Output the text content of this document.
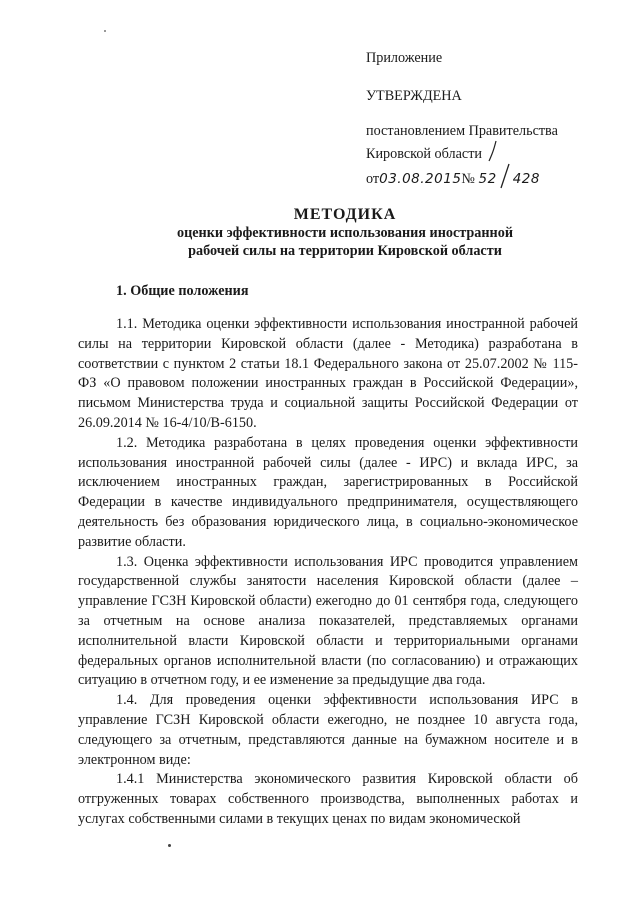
Приложение

УТВЕРЖДЕНА

постановлением Правительства

Кировской области

от03.08.2015№ 52 428

МЕТОДИКА

оценки эффективности использования иностранной

рабочей силы на территории Кировской области

1. Общие положения

1.1. Методика оценки эффективности использования иностранной рабочей силы на территории Кировской области (далее - Методика) разработана в соответствии с пунктом 2 статьи 18.1 Федерального закона от 25.07.2002 № 115-ФЗ «О правовом положении иностранных граждан в Российской Федерации», письмом Министерства труда и социальной защиты Российской Федерации от 26.09.2014 № 16-4/10/В-6150.

1.2. Методика разработана в целях проведения оценки эффективности использования иностранной рабочей силы (далее - ИРС) и вклада ИРС, за исключением иностранных граждан, зарегистрированных в Российской Федерации в качестве индивидуального предпринимателя, осуществляющего деятельность без образования юридического лица, в социально-экономическое развитие области.

1.3. Оценка эффективности использования ИРС проводится управлением государственной службы занятости населения Кировской области (далее – управление ГСЗН Кировской области) ежегодно до 01 сентября года, следующего за отчетным на основе анализа показателей, представляемых органами исполнительной власти Кировской области и территориальными органами федеральных органов исполнительной власти (по согласованию) и отражающих ситуацию в отчетном году, и ее изменение за предыдущие два года.

1.4. Для проведения оценки эффективности использования ИРС в управление ГСЗН Кировской области ежегодно, не позднее 10 августа года, следующего за отчетным, представляются данные на бумажном носителе и в электронном виде:

1.4.1 Министерства экономического развития Кировской области об отгруженных товарах собственного производства, выполненных работах и услугах собственными силами в текущих ценах по видам экономической
